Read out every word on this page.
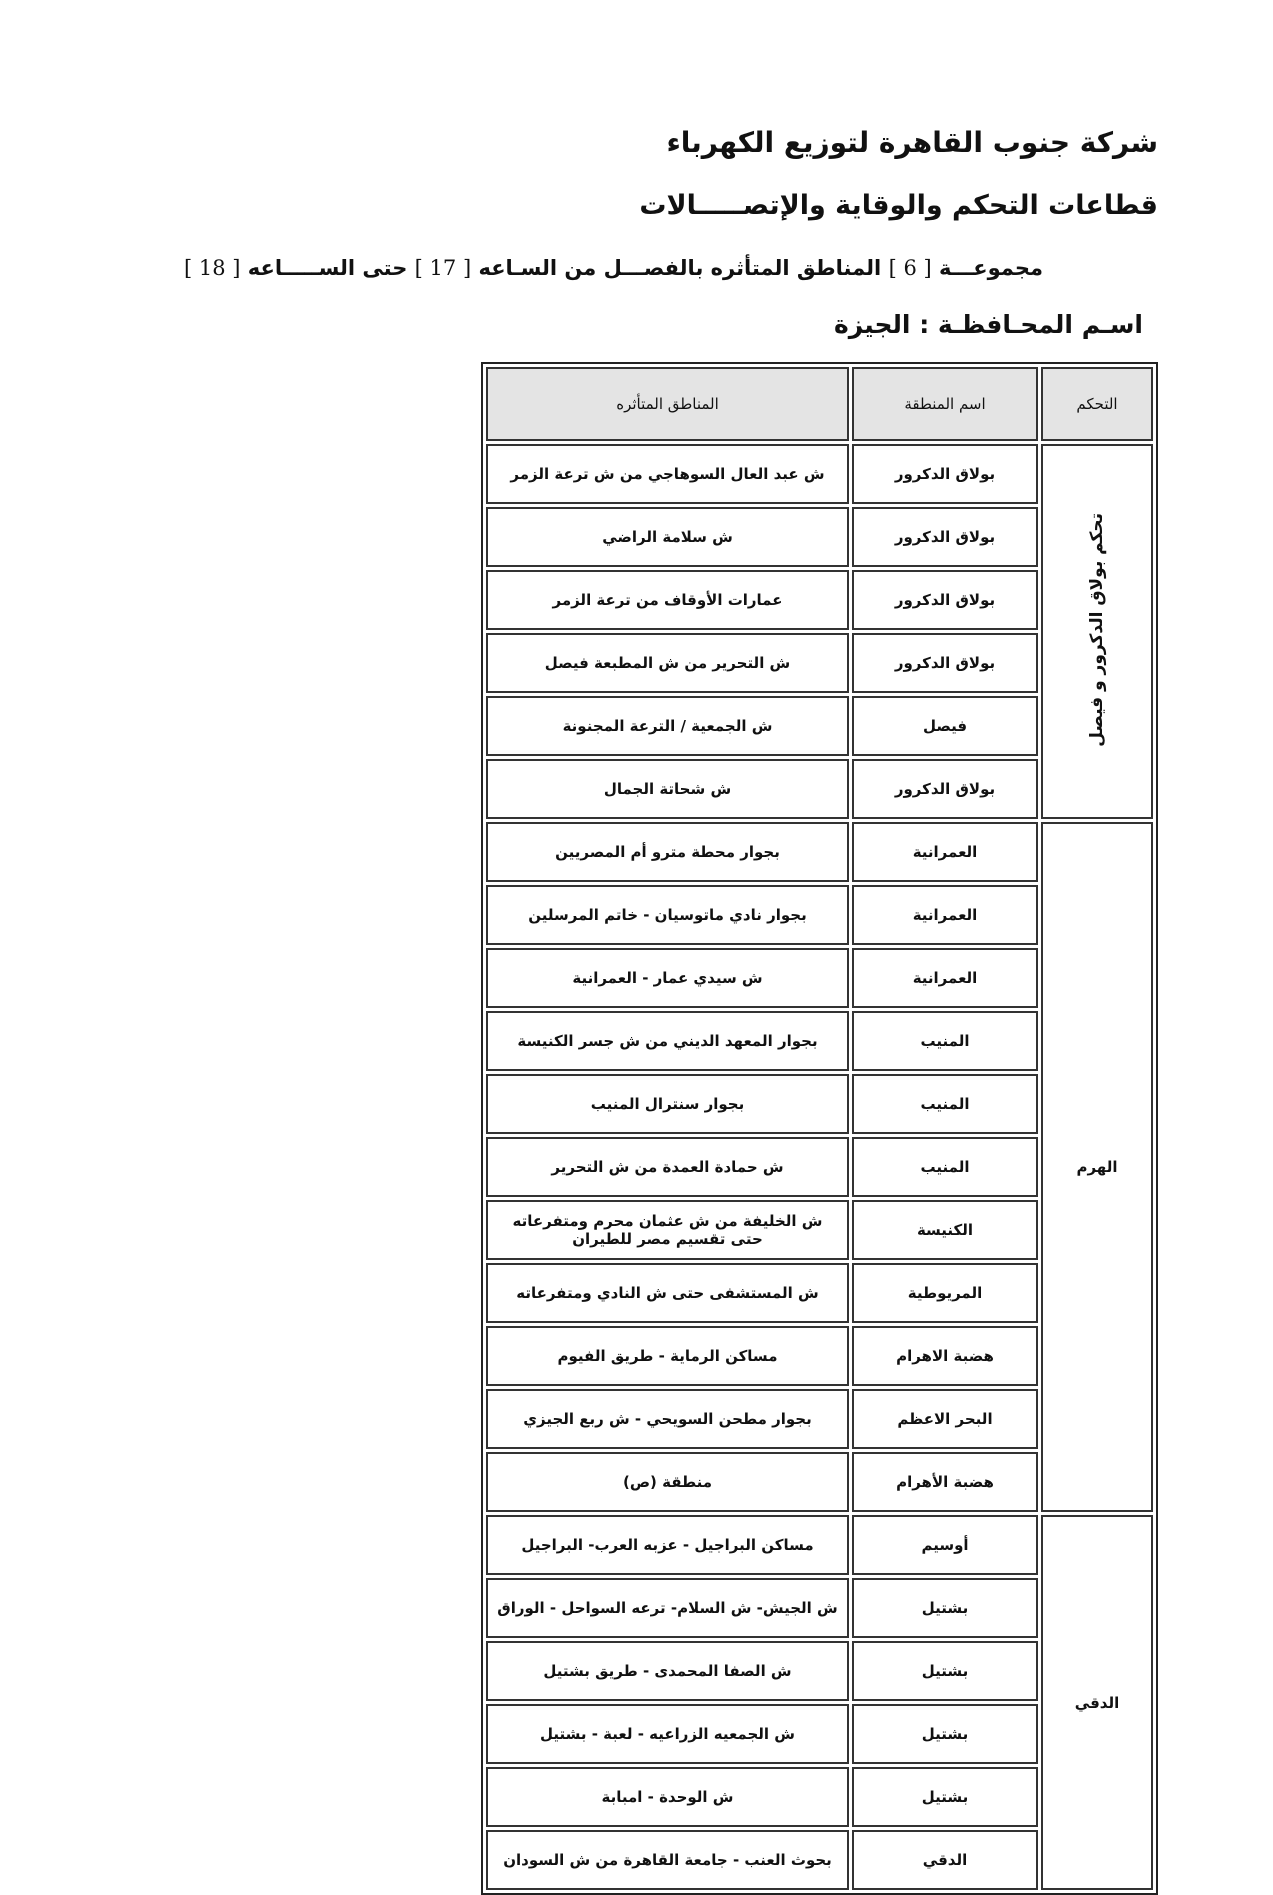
شركة جنوب القاهرة لتوزيع الكهرباء
قطاعات التحكم والوقاية والإتصـــــالات
مجموعـــة [ 6 ] المناطق المتأثره بالفصـــل من السـاعه [ 17 ] حتى الســـــاعه [ 18 ]
اسـم المحـافظـة : الجيزة
التحكم	اسم المنطقة	المناطق المتأثره
تحكم بولاق الدكرور و فيصل	بولاق الدكرور	ش عبد العال السوهاجي من ش ترعة الزمر
	بولاق الدكرور	ش سلامة الراضي
	بولاق الدكرور	عمارات الأوقاف من ترعة الزمر
	بولاق الدكرور	ش التحرير من ش المطبعة فيصل
	فيصل	ش الجمعية / الترعة المجنونة
	بولاق الدكرور	ش شحاتة الجمال
الهرم	العمرانية	بجوار محطة مترو أم المصريين
	العمرانية	بجوار نادي ماتوسيان - خاتم المرسلين
	العمرانية	ش سيدي عمار - العمرانية
	المنيب	بجوار المعهد الديني من ش جسر الكنيسة
	المنيب	بجوار سنترال المنيب
	المنيب	ش حمادة العمدة من ش التحرير
	الكنيسة	ش الخليفة من ش عثمان محرم ومتفرعاته حتى تقسيم مصر للطيران
	المريوطية	ش المستشفى حتى ش النادي ومتفرعاته
	هضبة الاهرام	مساكن الرماية - طريق الفيوم
	البحر الاعظم	بجوار مطحن السويحي - ش ربع الجيزي
	هضبة الأهرام	منطقة (ص)
الدقي	أوسيم	مساكن البراجيل - عزبه العرب- البراجيل
	بشتيل	ش الجيش- ش السلام- ترعه السواحل - الوراق
	بشتيل	ش الصفا المحمدى - طريق بشتيل
	بشتيل	ش الجمعيه الزراعيه - لعبة - بشتيل
	بشتيل	ش الوحدة - امبابة
	الدقي	بحوث العنب - جامعة القاهرة من ش السودان
